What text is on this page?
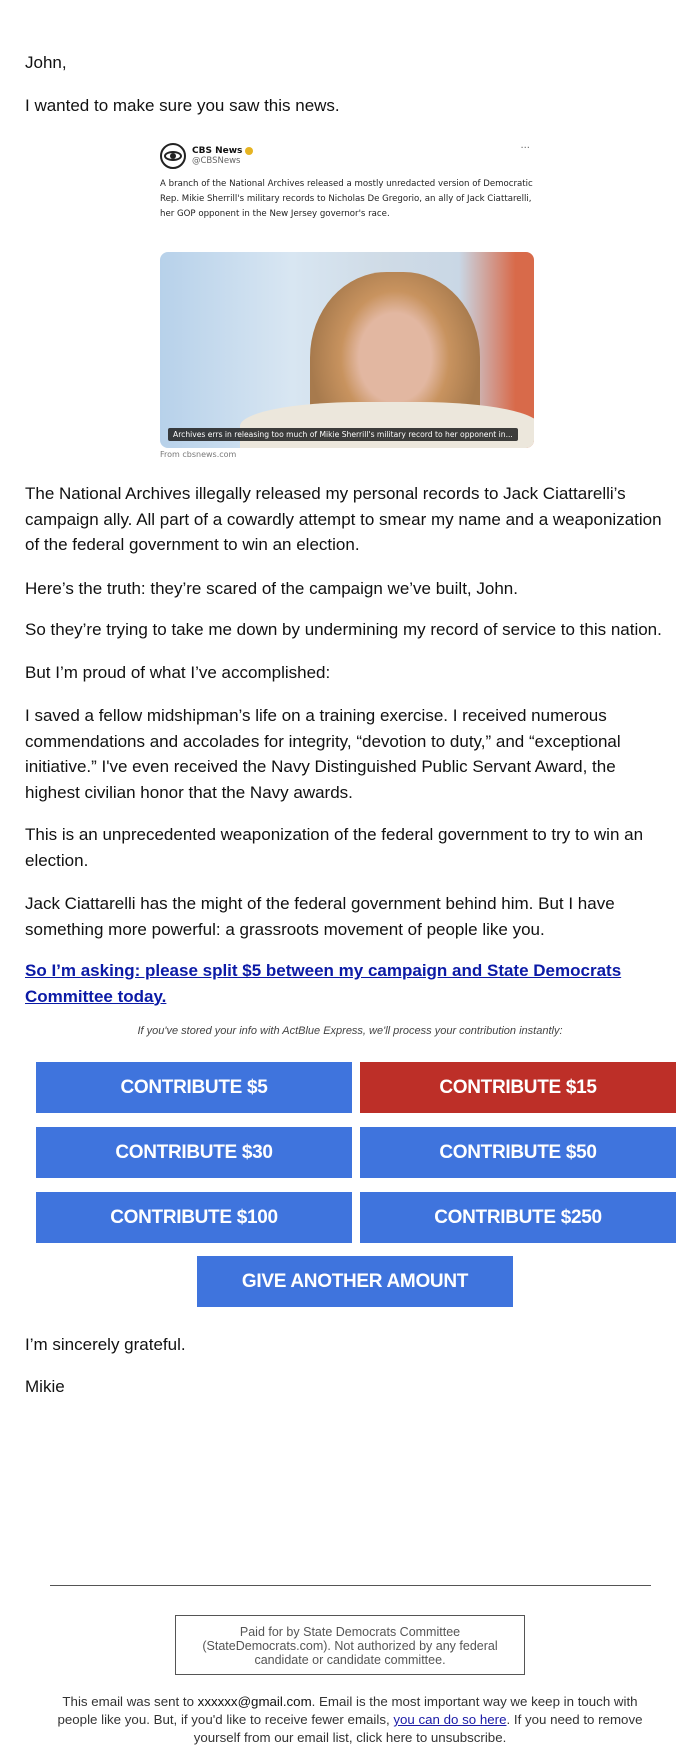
John,
I wanted to make sure you saw this news.
CBS News
@CBSNews
···
A branch of the National Archives released a mostly unredacted version of Democratic Rep. Mikie Sherrill's military records to Nicholas De Gregorio, an ally of Jack Ciattarelli, her GOP opponent in the New Jersey governor's race.
Archives errs in releasing too much of Mikie Sherrill's military record to her opponent in...
From cbsnews.com
The National Archives illegally released my personal records to Jack Ciattarelli’s campaign ally. All part of a cowardly attempt to smear my name and a weaponization of the federal government to win an election.
Here’s the truth: they’re scared of the campaign we’ve built, John.
So they’re trying to take me down by undermining my record of service to this nation.
But I’m proud of what I’ve accomplished:
I saved a fellow midshipman’s life on a training exercise. I received numerous commendations and accolades for integrity, “devotion to duty,” and “exceptional initiative.” I've even received the Navy Distinguished Public Servant Award, the highest civilian honor that the Navy awards.
This is an unprecedented weaponization of the federal government to try to win an election.
Jack Ciattarelli has the might of the federal government behind him. But I have something more powerful: a grassroots movement of people like you.
So I’m asking: please split $5 between my campaign and State Democrats Committee today.
If you've stored your info with ActBlue Express, we'll process your contribution instantly:
CONTRIBUTE $5	CONTRIBUTE $15
CONTRIBUTE $30	CONTRIBUTE $50
CONTRIBUTE $100	CONTRIBUTE $250
GIVE ANOTHER AMOUNT
I’m sincerely grateful.
Mikie
Paid for by State Democrats Committee (StateDemocrats.com). Not authorized by any federal candidate or candidate committee.
This email was sent to xxxxxx@gmail.com. Email is the most important way we keep in touch with people like you. But, if you'd like to receive fewer emails, you can do so here. If you need to remove yourself from our email list, click here to unsubscribe.
